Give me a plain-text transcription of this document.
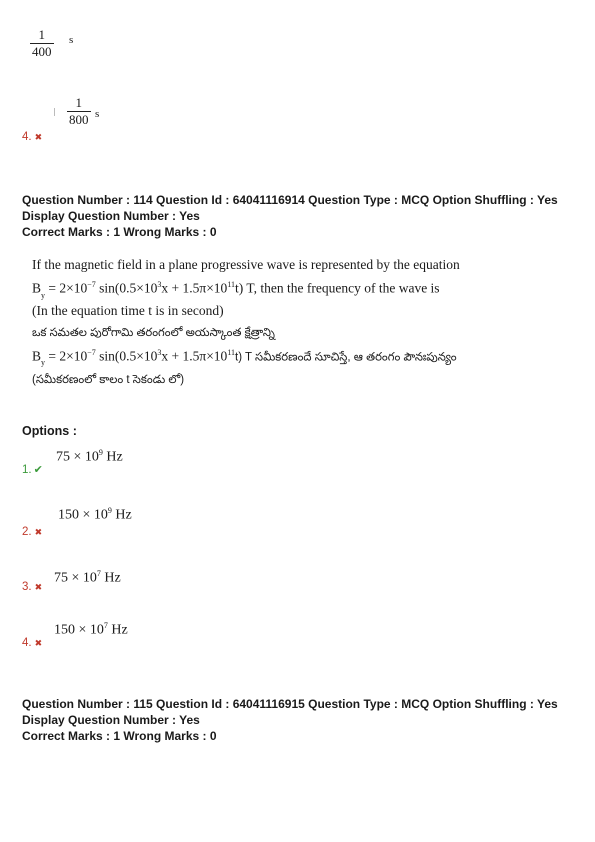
$\frac{1}{400}$ s

$\frac{1}{800}$ s
4. ✖
Question Number : 114 Question Id : 64041116914 Question Type : MCQ Option Shuffling : Yes
Display Question Number : Yes
Correct Marks : 1 Wrong Marks : 0
If the magnetic field in a plane progressive wave is represented by the equation
$B_y = 2\times 10^{-7}$ $\sin(0.5\times 10^3x + 1.5\pi\times 10^{11}t)$ T, then the frequency of the wave is
(In the equation time t is in second)
ఒక సమతల పురోగామి తరంగంలో అయస్కాంత క్షేత్రాన్ని
$B_y = 2\times 10^{-7}$ $\sin(0.5\times 10^3x + 1.5\pi\times 10^{11}t)$ T సమీకరణందే సూచిస్తే, ఆ తరంగం పౌనఃపున్యం
(సమీకరణంలో కాలం t సెకండు లో)
Options :
$75 \times 10^9$ Hz
1. ✔
$150 \times 10^9$ Hz
2. ✖
$75 \times 10^7$ Hz
3. ✖
$150 \times 10^7$ Hz
4. ✖
Question Number : 115 Question Id : 64041116915 Question Type : MCQ Option Shuffling : Yes
Display Question Number : Yes
Correct Marks : 1 Wrong Marks : 0
